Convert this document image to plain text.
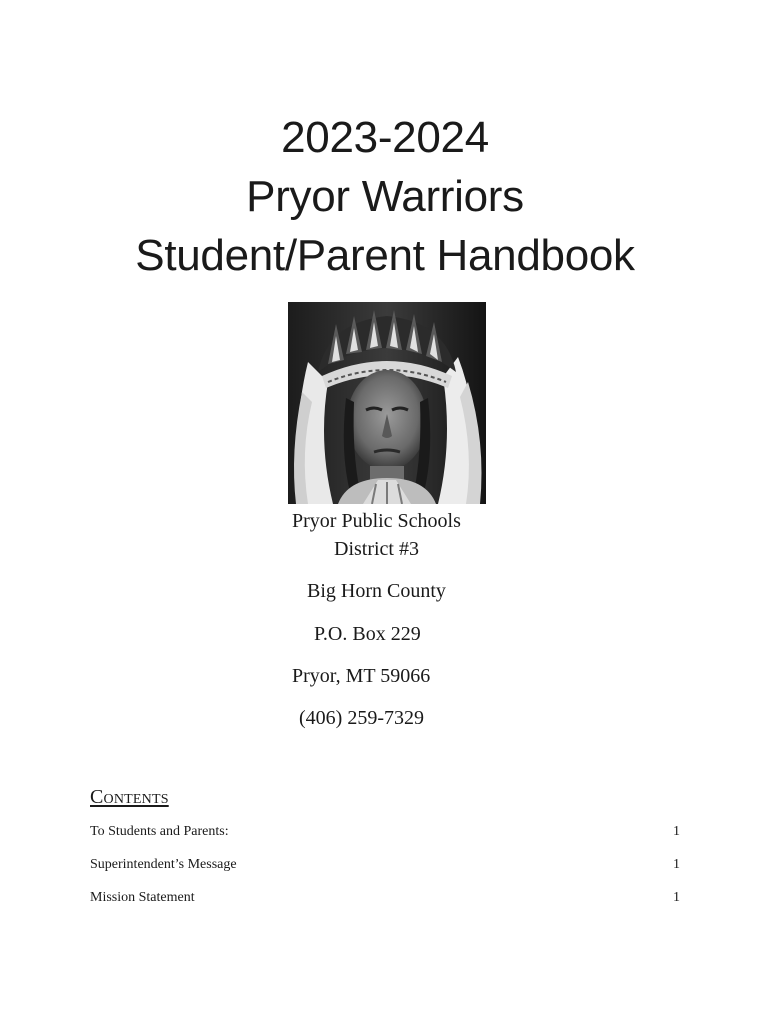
2023-2024
Pryor Warriors
Student/Parent Handbook
Pryor Public Schools
District #3
Big Horn County
P.O. Box 229
Pryor, MT 59066
(406) 259-7329
Contents
To Students and Parents:	1
Superintendent’s Message	1
Mission Statement	1
